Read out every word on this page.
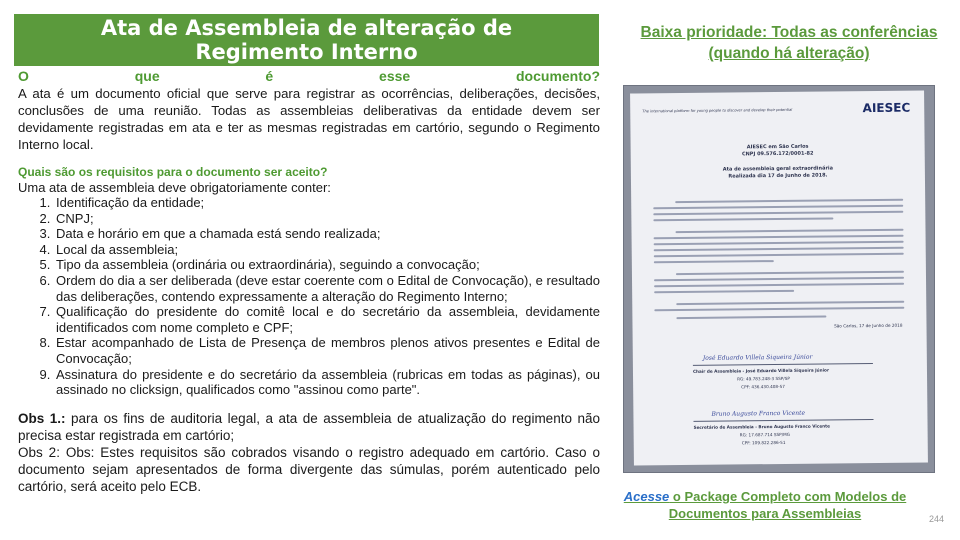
Ata de Assembleia de alteração de
Regimento Interno
O que é esse documento?

A ata é um documento oficial que serve para registrar as ocorrências, deliberações, decisões, conclusões de uma reunião. Todas as assembleias deliberativas da entidade devem ser devidamente registradas em ata e ter as mesmas registradas em cartório, segundo o Regimento Interno local.

Quais são os requisitos para o documento ser aceito?
Uma ata de assembleia deve obrigatoriamente conter:
1. Identificação da entidade;
2. CNPJ;
3. Data e horário em que a chamada está sendo realizada;
4. Local da assembleia;
5. Tipo da assembleia (ordinária ou extraordinária), seguindo a convocação;
6. Ordem do dia a ser deliberada (deve estar coerente com o Edital de Convocação), e resultado das deliberações, contendo expressamente a alteração do Regimento Interno;
7. Qualificação do presidente do comitê local e do secretário da assembleia, devidamente identificados com nome completo e CPF;
8. Estar acompanhado de Lista de Presença de membros plenos ativos presentes e Edital de Convocação;
9. Assinatura do presidente e do secretário da assembleia (rubricas em todas as páginas), ou assinado no clicksign, qualificados como "assinou como parte".
Obs 1.: para os fins de auditoria legal, a ata de assembleia de atualização do regimento não precisa estar registrada em cartório;
Obs 2: Obs: Estes requisitos são cobrados visando o registro adequado em cartório. Caso o documento sejam apresentados de forma divergente das súmulas, porém autenticado pelo cartório, será aceito pelo ECB.
Baixa prioridade: Todas as conferências (quando há alteração)
The international platform for young people to discover and develop their potential	AIESEC
AIESEC em São Carlos
CNPJ 09.576.172/0001-82
Ata de assembleia geral extraordinária
Realizada dia 17 de Junho de 2018.
São Carlos, 17 de Junho de 2018
José Eduardo Villela Siqueira Júnior
Chair de Assembleia - José Eduardo Villela Siqueira Júnior
RG: 49.783.248-3 SSP/SP
CPF: 436.430.408-57
Bruno Augusto Franco Vicente
Secretário de Assembleia - Bruno Augusto Franco Vicente
RG: 17.687.714 SSP/MG
CPF: 109.822.286-51
Acesse o Package Completo com Modelos de Documentos para Assembleias	244
